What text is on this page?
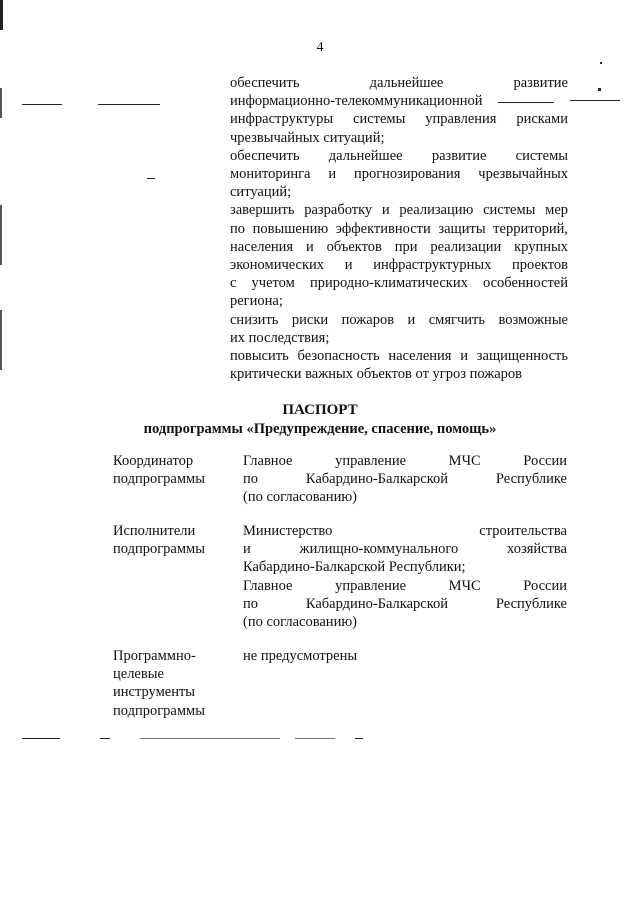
4
обеспечить дальнейшее развитие
информационно-телекоммуникационной
инфраструктуры системы управления рисками
чрезвычайных ситуаций;
обеспечить дальнейшее развитие системы
мониторинга и прогнозирования чрезвычайных
ситуаций;
завершить разработку и реализацию системы мер
по повышению эффективности защиты территорий,
населения и объектов при реализации крупных
экономических и инфраструктурных проектов
с учетом природно-климатических особенностей
региона;
снизить риски пожаров и смягчить возможные
их последствия;
повысить безопасность населения и защищенность
критически важных объектов от угроз пожаров
ПАСПОРТ
подпрограммы «Предупреждение, спасение, помощь»
Координатор
подпрограммы
Главное управление МЧС России
по Кабардино-Балкарской Республике
(по согласованию)
Исполнители
подпрограммы
Министерство строительства
и жилищно-коммунального хозяйства
Кабардино-Балкарской Республики;
Главное управление МЧС России
по Кабардино-Балкарской Республике
(по согласованию)
Программно-
целевые
инструменты
подпрограммы
не предусмотрены
